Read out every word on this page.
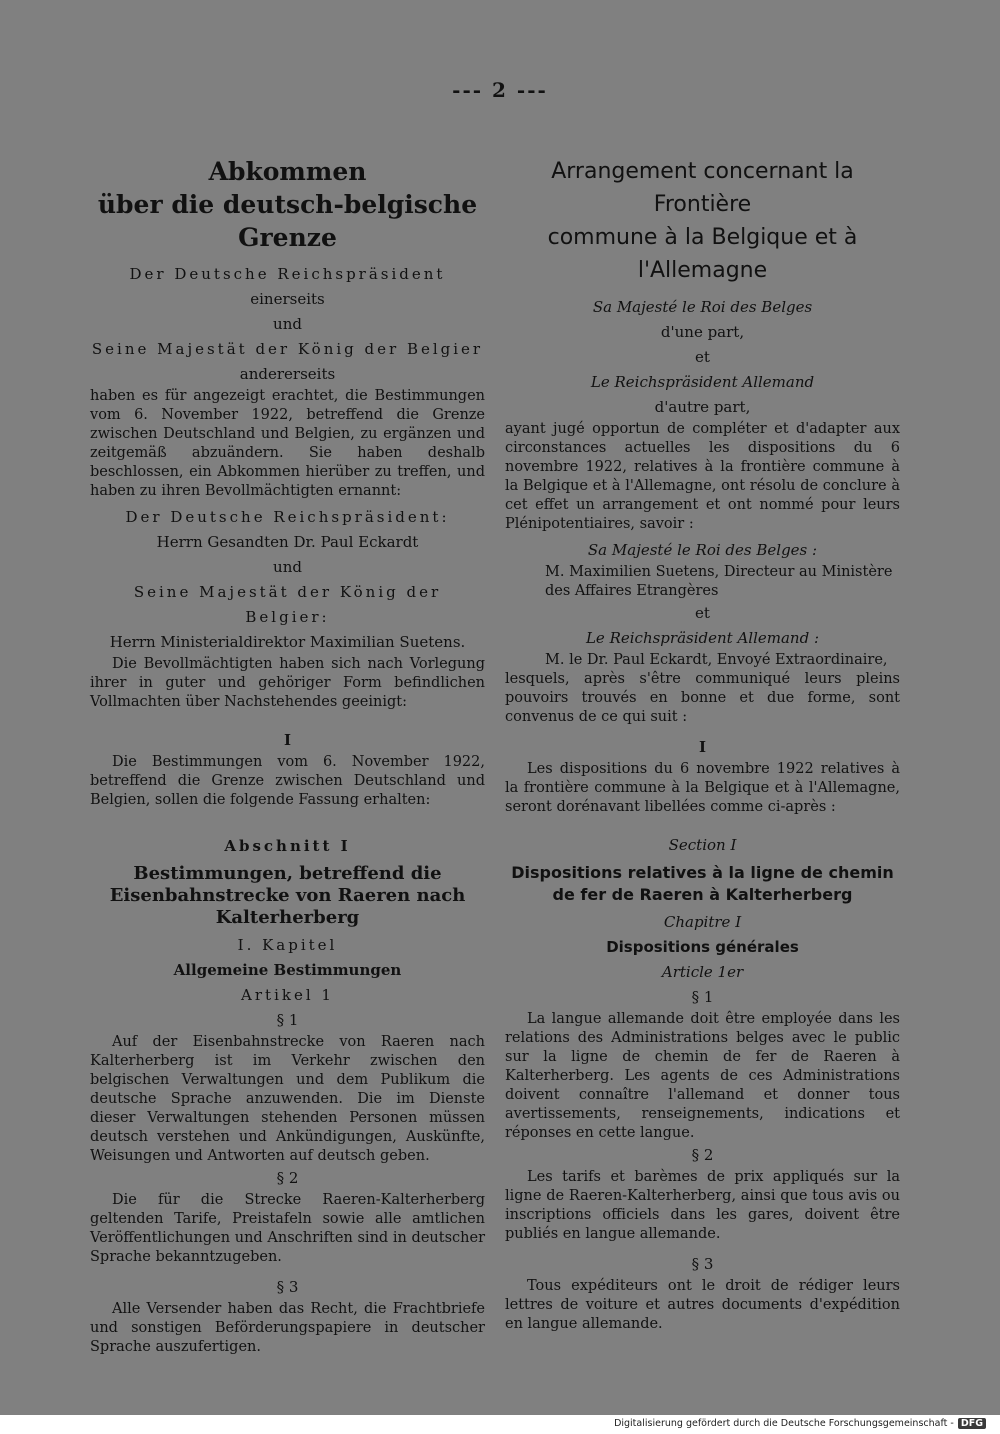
--- 2 ---
Abkommen
über die deutsch-belgische Grenze

Der Deutsche Reichspräsident

einerseits

und

Seine Majestät der König der Belgier

andererseits

haben es für angezeigt erachtet, die Bestimmungen vom 6. November 1922, betreffend die Grenze zwischen Deutschland und Belgien, zu ergänzen und zeitgemäß abzuändern. Sie haben deshalb beschlossen, ein Abkommen hierüber zu treffen, und haben zu ihren Bevollmächtigten ernannt:

Der Deutsche Reichspräsident:

Herrn Gesandten Dr. Paul Eckardt

und

Seine Majestät der König der Belgier:

Herrn Ministerialdirektor Maximilian Suetens.

Die Bevollmächtigten haben sich nach Vorlegung ihrer in guter und gehöriger Form befindlichen Vollmachten über Nachstehendes geeinigt:

I

Die Bestimmungen vom 6. November 1922, betreffend die Grenze zwischen Deutschland und Belgien, sollen die folgende Fassung erhalten:

Abschnitt I

Bestimmungen, betreffend die Eisenbahnstrecke von Raeren nach Kalterherberg

I. Kapitel

Allgemeine Bestimmungen

Artikel 1

§ 1

Auf der Eisenbahnstrecke von Raeren nach Kalterherberg ist im Verkehr zwischen den belgischen Verwaltungen und dem Publikum die deutsche Sprache anzuwenden. Die im Dienste dieser Verwaltungen stehenden Personen müssen deutsch verstehen und Ankündigungen, Auskünfte, Weisungen und Antworten auf deutsch geben.

§ 2

Die für die Strecke Raeren-Kalterherberg geltenden Tarife, Preistafeln sowie alle amtlichen Veröffentlichungen und Anschriften sind in deutscher Sprache bekanntzugeben.

§ 3

Alle Versender haben das Recht, die Frachtbriefe und sonstigen Beförderungspapiere in deutscher Sprache auszufertigen.

Arrangement concernant la Frontière
commune à la Belgique et à l'Allemagne

Sa Majesté le Roi des Belges

d'une part,

et

Le Reichspräsident Allemand

d'autre part,

ayant jugé opportun de compléter et d'adapter aux circonstances actuelles les dispositions du 6 novembre 1922, relatives à la frontière commune à la Belgique et à l'Allemagne, ont résolu de conclure à cet effet un arrangement et ont nommé pour leurs Plénipotentiaires, savoir :

Sa Majesté le Roi des Belges :

M. Maximilien Suetens, Directeur au Ministère des Affaires Etrangères

et

Le Reichspräsident Allemand :

M. le Dr. Paul Eckardt, Envoyé Extraordinaire,

lesquels, après s'être communiqué leurs pleins pouvoirs trouvés en bonne et due forme, sont convenus de ce qui suit :

I

Les dispositions du 6 novembre 1922 relatives à la frontière commune à la Belgique et à l'Allemagne, seront dorénavant libellées comme ci-après :

Section I

Dispositions relatives à la ligne de chemin de fer de Raeren à Kalterherberg

Chapitre I

Dispositions générales

Article 1er

§ 1

La langue allemande doit être employée dans les relations des Administrations belges avec le public sur la ligne de chemin de fer de Raeren à Kalterherberg. Les agents de ces Administrations doivent connaître l'allemand et donner tous avertissements, renseignements, indications et réponses en cette langue.

§ 2

Les tarifs et barèmes de prix appliqués sur la ligne de Raeren-Kalterherberg, ainsi que tous avis ou inscriptions officiels dans les gares, doivent être publiés en langue allemande.

§ 3

Tous expéditeurs ont le droit de rédiger leurs lettres de voiture et autres documents d'expédition en langue allemande.

Digitalisierung gefördert durch die Deutsche Forschungsgemeinschaft - DFG
